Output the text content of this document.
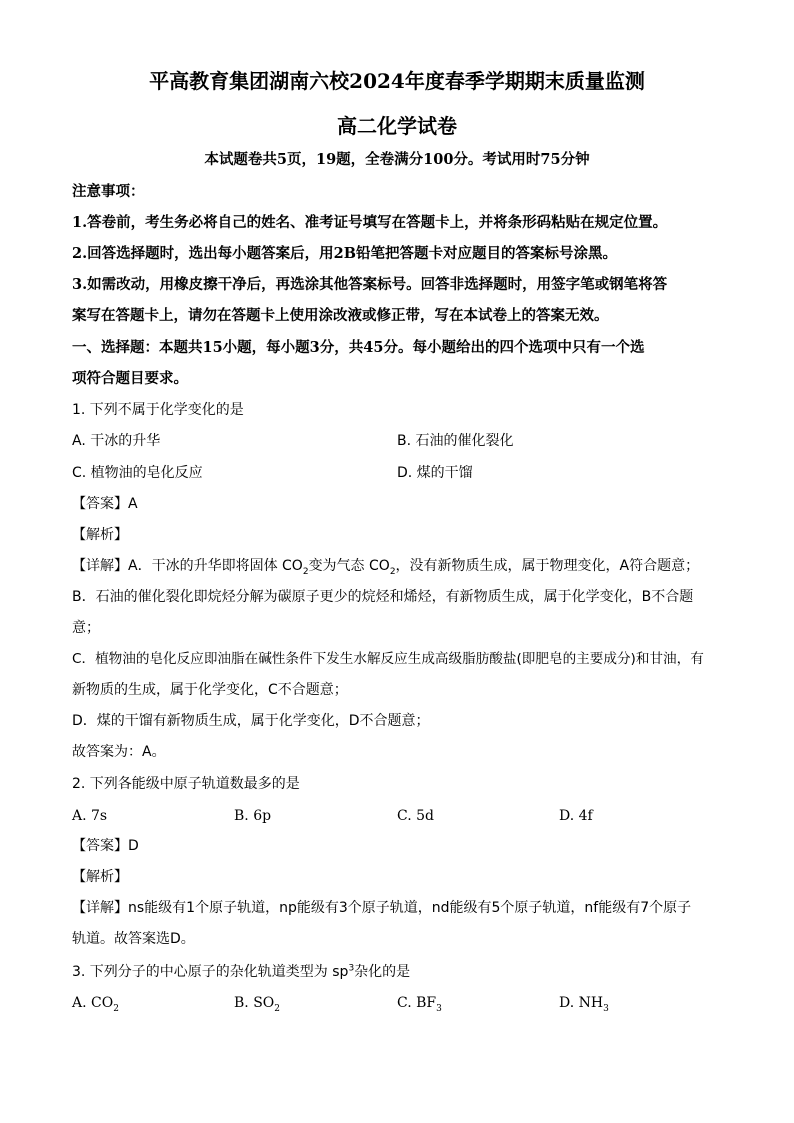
平高教育集团湖南六校2024年度春季学期期末质量监测
高二化学试卷
本试题卷共5页，19题，全卷满分100分。考试用时75分钟
注意事项：
1.答卷前，考生务必将自己的姓名、准考证号填写在答题卡上，并将条形码粘贴在规定位置。
2.回答选择题时，选出每小题答案后，用2B铅笔把答题卡对应题目的答案标号涂黑。
3.如需改动，用橡皮擦干净后，再选涂其他答案标号。回答非选择题时，用签字笔或钢笔将答
案写在答题卡上，请勿在答题卡上使用涂改液或修正带，写在本试卷上的答案无效。
一、选择题：本题共15小题，每小题3分，共45分。每小题给出的四个选项中只有一个选
项符合题目要求。
1. 下列不属于化学变化的是
A. 干冰的升华	B. 石油的催化裂化
C. 植物油的皂化反应	D. 煤的干馏
【答案】A
【解析】
【详解】A．干冰的升华即将固体 $CO_2$变为气态 $CO_2$，没有新物质生成，属于物理变化，A符合题意；
B．石油的催化裂化即烷烃分解为碳原子更少的烷烃和烯烃，有新物质生成，属于化学变化，B不合题
意；
C．植物油的皂化反应即油脂在碱性条件下发生水解反应生成高级脂肪酸盐(即肥皂的主要成分)和甘油，有
新物质的生成，属于化学变化，C不合题意；
D．煤的干馏有新物质生成，属于化学变化，D不合题意；
故答案为：A。
2. 下列各能级中原子轨道数最多的是
A. 7s	B. 6p	C. 5d	D. 4f
【答案】D
【解析】
【详解】ns能级有1个原子轨道，np能级有3个原子轨道，nd能级有5个原子轨道，nf能级有7个原子
轨道。故答案选D。
3. 下列分子的中心原子的杂化轨道类型为 $sp^3$杂化的是
A. $CO_2$	B. $SO_2$	C. $BF_3$	D. $NH_3$
